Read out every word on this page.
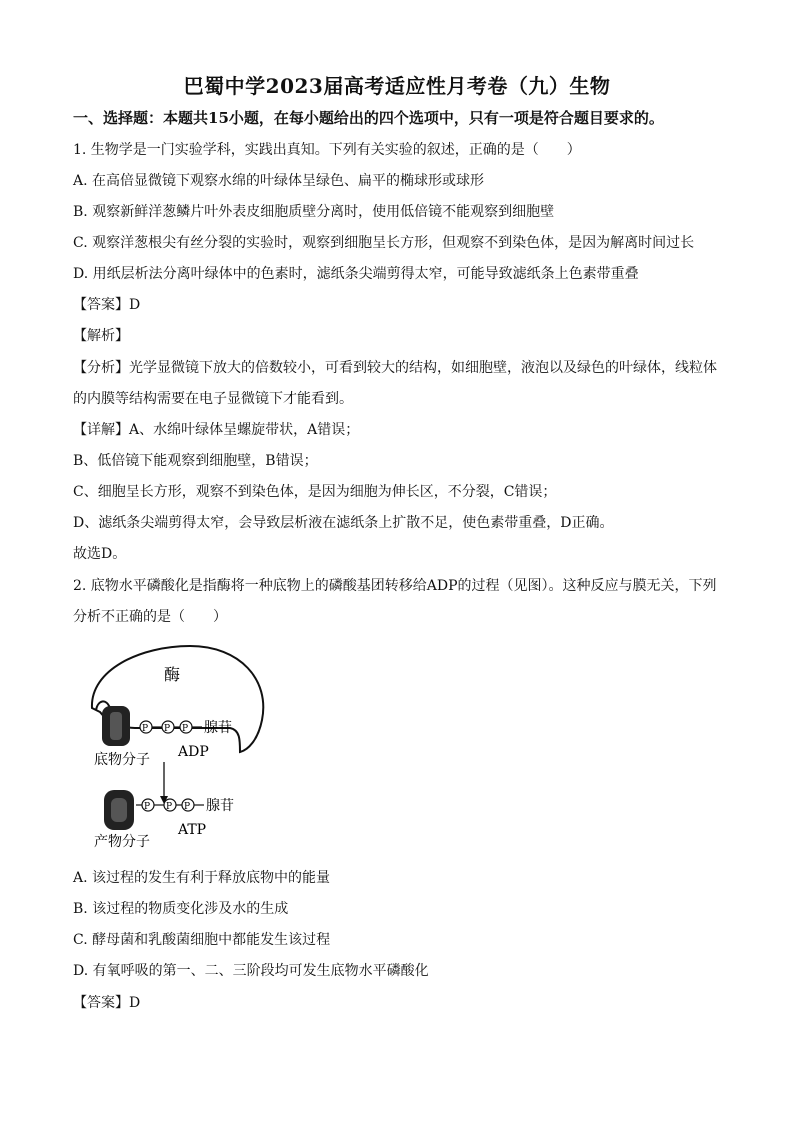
巴蜀中学2023届高考适应性月考卷（九）生物
一、选择题：本题共15小题，在每小题给出的四个选项中，只有一项是符合题目要求的。
1. 生物学是一门实验学科，实践出真知。下列有关实验的叙述，正确的是（　　）
A. 在高倍显微镜下观察水绵的叶绿体呈绿色、扁平的椭球形或球形
B. 观察新鲜洋葱鳞片叶外表皮细胞质壁分离时，使用低倍镜不能观察到细胞壁
C. 观察洋葱根尖有丝分裂的实验时，观察到细胞呈长方形，但观察不到染色体，是因为解离时间过长
D. 用纸层析法分离叶绿体中的色素时，滤纸条尖端剪得太窄，可能导致滤纸条上色素带重叠
【答案】D
【解析】
【分析】光学显微镜下放大的倍数较小，可看到较大的结构，如细胞壁，液泡以及绿色的叶绿体，线粒体
的内膜等结构需要在电子显微镜下才能看到。
【详解】A、水绵叶绿体呈螺旋带状，A错误；
B、低倍镜下能观察到细胞壁，B错误；
C、细胞呈长方形，观察不到染色体，是因为细胞为伸长区，不分裂，C错误；
D、滤纸条尖端剪得太窄，会导致层析液在滤纸条上扩散不足，使色素带重叠，D正确。
故选D。
2. 底物水平磷酸化是指酶将一种底物上的磷酸基团转移给ADP的过程（见图）。这种反应与膜无关，下列
分析不正确的是（　　）
酶
底物分子
P P P 腺苷
ADP
产物分子
P P P 腺苷
ATP
A. 该过程的发生有利于释放底物中的能量
B. 该过程的物质变化涉及水的生成
C. 酵母菌和乳酸菌细胞中都能发生该过程
D. 有氧呼吸的第一、二、三阶段均可发生底物水平磷酸化
【答案】D
